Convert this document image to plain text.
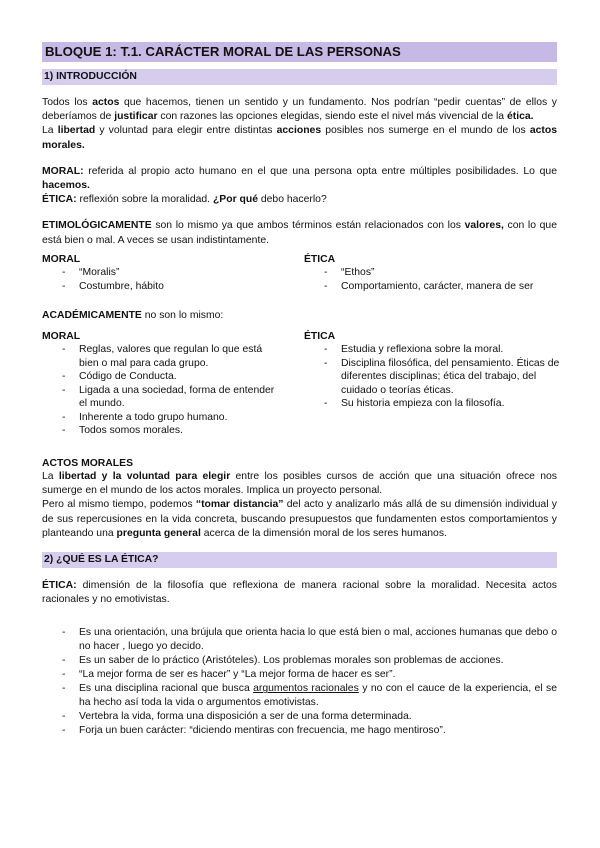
BLOQUE 1: T.1. CARÁCTER MORAL DE LAS PERSONAS
1) INTRODUCCIÓN

Todos los actos que hacemos, tienen un sentido y un fundamento. Nos podrían “pedir cuentas” de ellos y deberíamos de justificar con razones las opciones elegidas, siendo este el nivel más vivencial de la ética.

La libertad y voluntad para elegir entre distintas acciones posibles nos sumerge en el mundo de los actos morales.

MORAL: referida al propio acto humano en el que una persona opta entre múltiples posibilidades. Lo que hacemos.

ÉTICA: reflexión sobre la moralidad. ¿Por qué debo hacerlo?

ETIMOLÓGICAMENTE son lo mismo ya que ambos términos están relacionados con los valores, con lo que está bien o mal. A veces se usan indistintamente.

MORAL
- “Moralis”
- Costumbre, hábito
ÉTICA
- “Ethos”
- Comportamiento, carácter, manera de ser

ACADÉMICAMENTE no son lo mismo:

MORAL
- Reglas, valores que regulan lo que está bien o mal para cada grupo.
- Código de Conducta.
- Ligada a una sociedad, forma de entender el mundo.
- Inherente a todo grupo humano.
- Todos somos morales.
ÉTICA
- Estudia y reflexiona sobre la moral.
- Disciplina filosófica, del pensamiento. Éticas de diferentes disciplinas; ética del trabajo, del cuidado o teorías éticas.
- Su historia empieza con la filosofía.
ACTOS MORALES

La libertad y la voluntad para elegir entre los posibles cursos de acción que una situación ofrece nos sumerge en el mundo de los actos morales. Implica un proyecto personal.

Pero al mismo tiempo, podemos “tomar distancia” del acto y analizarlo más allá de su dimensión individual y de sus repercusiones en la vida concreta, buscando presupuestos que fundamenten estos comportamientos y planteando una pregunta general acerca de la dimensión moral de los seres humanos.

2) ¿QUÉ ES LA ÉTICA?

ÉTICA: dimensión de la filosofía que reflexiona de manera racional sobre la moralidad. Necesita actos racionales y no emotivistas.

- Es una orientación, una brújula que orienta hacia lo que está bien o mal, acciones humanas que debo o no hacer , luego yo decido.
- Es un saber de lo práctico (Aristóteles). Los problemas morales son problemas de acciones.
- “La mejor forma de ser es hacer” y “La mejor forma de hacer es ser”.
- Es una disciplina racional que busca argumentos racionales y no con el cauce de la experiencia, el se ha hecho así toda la vida o argumentos emotivistas.
- Vertebra la vida, forma una disposición a ser de una forma determinada.
- Forja un buen carácter: “diciendo mentiras con frecuencia, me hago mentiroso”.
